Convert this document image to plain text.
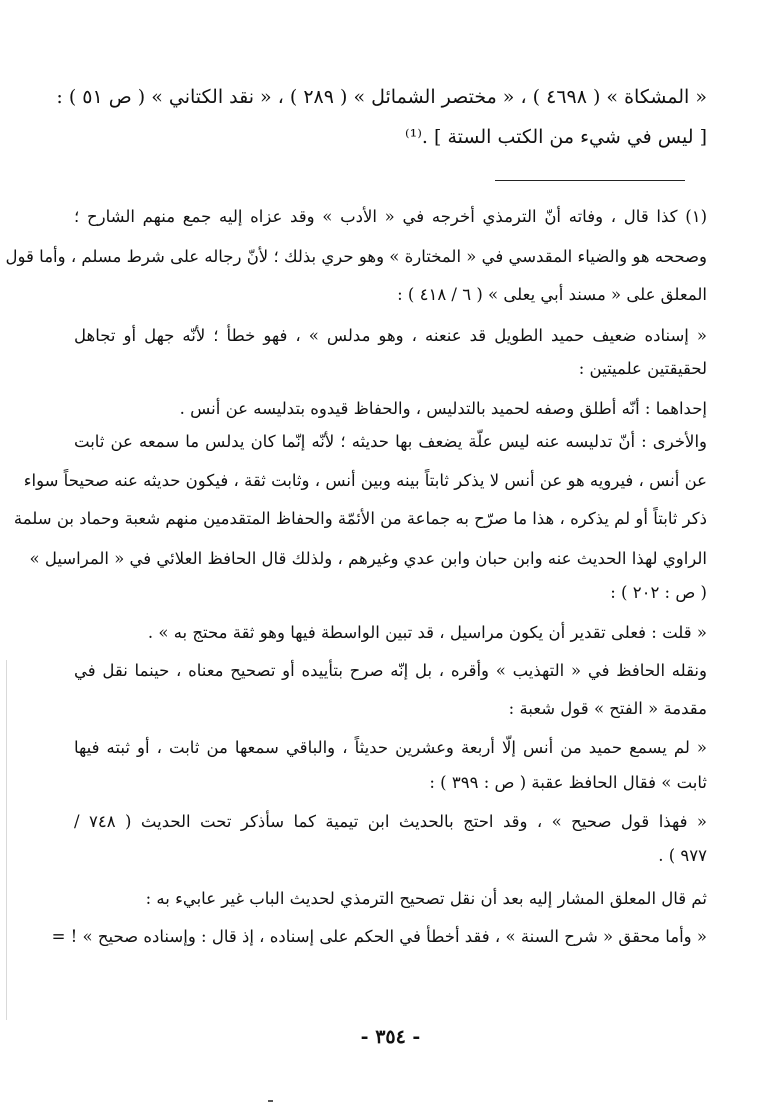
« المشكاة » ( ٤٦٩٨ ) ، « مختصر الشمائل » ( ٢٨٩ ) ، « نقد الكتاني » ( ص ٥١ ) :
[ ليس في شيء من الكتب الستة ] .⁽¹⁾
(١) كذا قال ، وفاته أنّ الترمذي أخرجه في « الأدب » وقد عزاه إليه جمع منهم الشارح ؛
وصححه هو والضياء المقدسي في « المختارة » وهو حري بذلك ؛ لأنّ رجاله على شرط مسلم ، وأما قول
المعلق على « مسند أبي يعلى » ( ٦ / ٤١٨ ) :
« إسناده ضعيف حميد الطويل قد عنعنه ، وهو مدلس » ، فهو خطأ ؛ لأنّه جهل أو تجاهل
لحقيقتين علميتين :
إحداهما : أنّه أطلق وصفه لحميد بالتدليس ، والحفاظ قيدوه بتدليسه عن أنس .
والأخرى : أنّ تدليسه عنه ليس علّة يضعف بها حديثه ؛ لأنّه إنّما كان يدلس ما سمعه عن ثابت
عن أنس ، فيرويه هو عن أنس لا يذكر ثابتاً بينه وبين أنس ، وثابت ثقة ، فيكون حديثه عنه صحيحاً سواء
ذكر ثابتاً أو لم يذكره ، هذا ما صرّح به جماعة من الأئمّة والحفاظ المتقدمين منهم شعبة وحماد بن سلمة
الراوي لهذا الحديث عنه وابن حبان وابن عدي وغيرهم ، ولذلك قال الحافظ العلائي في « المراسيل »
( ص : ٢٠٢ ) :
« قلت : فعلى تقدير أن يكون مراسيل ، قد تبين الواسطة فيها وهو ثقة محتج به » .
ونقله الحافظ في « التهذيب » وأقره ، بل إنّه صرح بتأييده أو تصحيح معناه ، حينما نقل في
مقدمة « الفتح » قول شعبة :
« لم يسمع حميد من أنس إلّا أربعة وعشرين حديثاً ، والباقي سمعها من ثابت ، أو ثبته فيها
ثابت » فقال الحافظ عقبة ( ص : ٣٩٩ ) :
« فهذا قول صحيح » ، وقد احتج بالحديث ابن تيمية كما سأذكر تحت الحديث ( ٧٤٨ /
٩٧٧ ) .
ثم قال المعلق المشار إليه بعد أن نقل تصحيح الترمذي لحديث الباب غير عابيء به :
« وأما محقق « شرح السنة » ، فقد أخطأ في الحكم على إسناده ، إذ قال : وإسناده صحيح » ! =
- ٣٥٤ -
